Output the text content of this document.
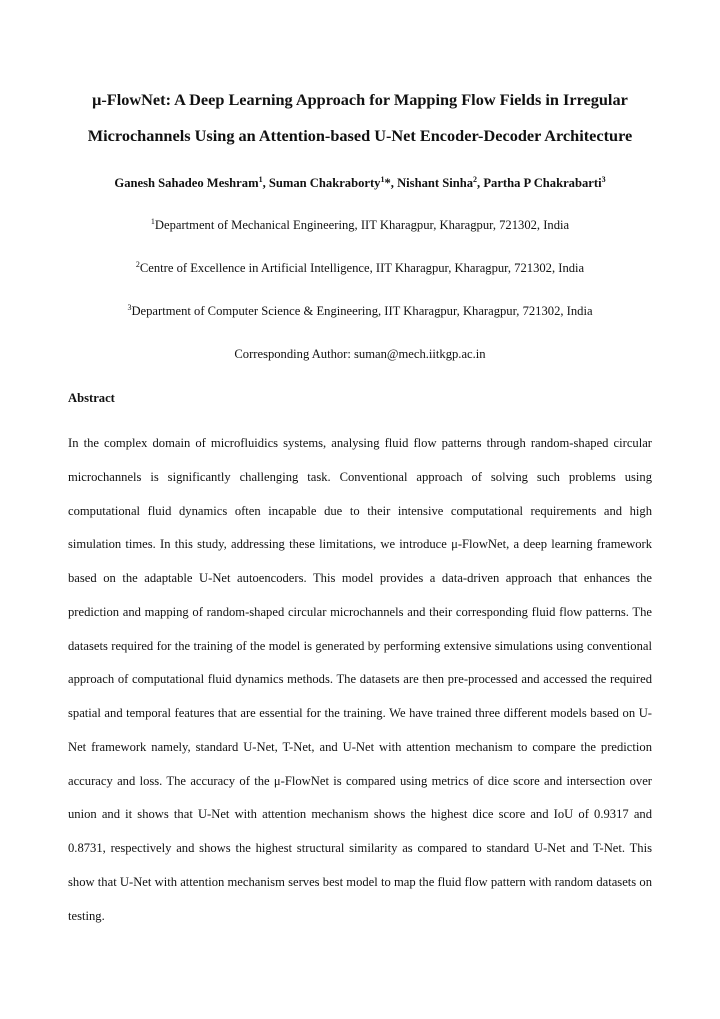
μ-FlowNet: A Deep Learning Approach for Mapping Flow Fields in Irregular

Microchannels Using an Attention-based U-Net Encoder-Decoder Architecture

Ganesh Sahadeo Meshram$^1$, Suman Chakraborty$^1$*, Nishant Sinha$^2$, Partha P Chakrabarti$^3$

$^1$Department of Mechanical Engineering, IIT Kharagpur, Kharagpur, 721302, India

$^2$Centre of Excellence in Artificial Intelligence, IIT Kharagpur, Kharagpur, 721302, India

$^3$Department of Computer Science & Engineering, IIT Kharagpur, Kharagpur, 721302, India

Corresponding Author: suman@mech.iitkgp.ac.in

Abstract

In the complex domain of microfluidics systems, analysing fluid flow patterns through random-shaped circular microchannels is significantly challenging task. Conventional approach of solving such problems using computational fluid dynamics often incapable due to their intensive computational requirements and high simulation times. In this study, addressing these limitations, we introduce μ-FlowNet, a deep learning framework based on the adaptable U-Net autoencoders. This model provides a data-driven approach that enhances the prediction and mapping of random-shaped circular microchannels and their corresponding fluid flow patterns. The datasets required for the training of the model is generated by performing extensive simulations using conventional approach of computational fluid dynamics methods. The datasets are then pre-processed and accessed the required spatial and temporal features that are essential for the training. We have trained three different models based on U-Net framework namely, standard U-Net, T-Net, and U-Net with attention mechanism to compare the prediction accuracy and loss. The accuracy of the μ-FlowNet is compared using metrics of dice score and intersection over union and it shows that U-Net with attention mechanism shows the highest dice score and IoU of 0.9317 and 0.8731, respectively and shows the highest structural similarity as compared to standard U-Net and T-Net. This show that U-Net with attention mechanism serves best model to map the fluid flow pattern with random datasets on testing.
